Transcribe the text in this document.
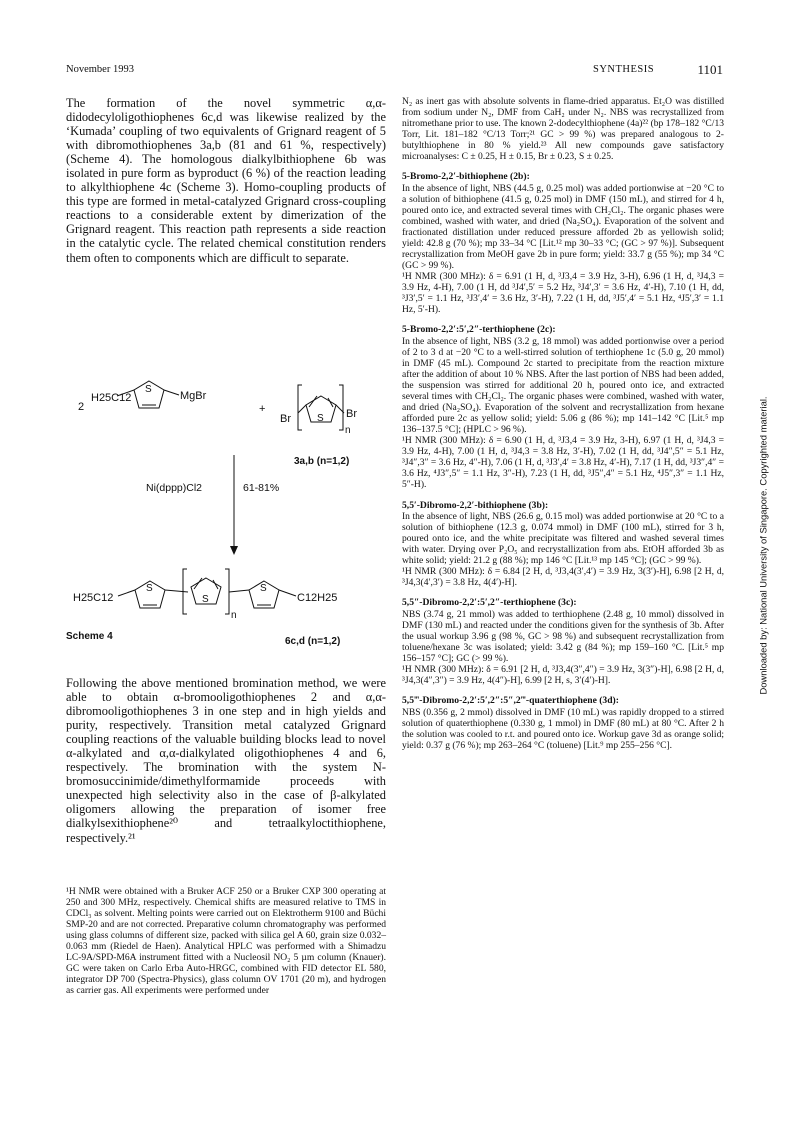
November 1993	SYNTHESIS	1101

The formation of the novel symmetric α,α-didodecyloligothiophenes 6c,d was likewise realized by the ‘Kumada’ coupling of two equivalents of Grignard reagent of 5 with dibromothiophenes 3a,b (81 and 61 %, respectively) (Scheme 4). The homologous dialkylbithiophene 6b was isolated in pure form as byproduct (6 %) of the reaction leading to alkylthiophene 4c (Scheme 3). Homo-coupling products of this type are formed in metal-catalyzed Grignard cross-coupling reactions to a considerable extent by dimerization of the Grignard reagent. This reaction path represents a side reaction in the catalytic cycle. The related chemical constitution renders them often to components which are difficult to separate.

2
H25C12
S
MgBr
+
Br	S Br
n
3a,b (n=1,2)
Ni(dppp)Cl2	61-81%
H25C12
S
S
n
S
C12H25
6c,d (n=1,2)
Scheme 4

Following the above mentioned bromination method, we were able to obtain α-bromooligothiophenes 2 and α,α-dibromooligothiophenes 3 in one step and in high yields and purity, respectively. Transition metal catalyzed Grignard coupling reactions of the valuable building blocks lead to novel α-alkylated and α,α-dialkylated oligothiophenes 4 and 6, respectively. The bromination with the system N-bromosuccinimide/dimethylformamide proceeds with unexpected high selectivity also in the case of β-alkylated oligomers allowing the preparation of isomer free dialkylsexithiophene²⁰ and tetraalkyloctithiophene, respectively.²¹

¹H NMR were obtained with a Bruker ACF 250 or a Bruker CXP 300 operating at 250 and 300 MHz, respectively. Chemical shifts are measured relative to TMS in CDCl₃ as solvent. Melting points were carried out on Elektrotherm 9100 and Büchi SMP-20 and are not corrected. Preparative column chromatography was performed using glass columns of different size, packed with silica gel A 60, grain size 0.032–0.063 mm (Riedel de Haen). Analytical HPLC was performed with a Shimadzu LC-9A/SPD-M6A instrument fitted with a Nucleosil NO₂ 5 µm column (Knauer). GC were taken on Carlo Erba Auto-HRGC, combined with FID detector EL 580, integrator DP 700 (Spectra-Physics), glass column OV 1701 (20 m), and hydrogen as carrier gas. All experiments were performed under

N₂ as inert gas with absolute solvents in flame-dried apparatus. Et₂O was distilled from sodium under N₂, DMF from CaH₂ under N₂. NBS was recrystallized from nitromethane prior to use. The known 2-dodecylthiophene (4a)²² (bp 178–182 °C/13 Torr, Lit. 181–182 °C/13 Torr;²¹ GC > 99 %) was prepared analogous to 2-butylthiophene in 80 % yield.²³ All new compounds gave satisfactory microanalyses: C ± 0.25, H ± 0.15, Br ± 0.23, S ± 0.25.

5-Bromo-2,2′-bithiophene (2b):

In the absence of light, NBS (44.5 g, 0.25 mol) was added portionwise at −20 °C to a solution of bithiophene (41.5 g, 0.25 mol) in DMF (150 mL), and stirred for 4 h, poured onto ice, and extracted several times with CH₂Cl₂. The organic phases were combined, washed with water, and dried (Na₂SO₄). Evaporation of the solvent and fractionated distillation under reduced pressure afforded 2b as yellowish solid; yield: 42.8 g (70 %); mp 33–34 °C [Lit.¹² mp 30–33 °C; (GC > 97 %)]. Subsequent recrystallization from MeOH gave 2b in pure form; yield: 33.7 g (55 %); mp 34 °C (GC > 99 %).

¹H NMR (300 MHz): δ = 6.91 (1 H, d, ³J3,4 = 3.9 Hz, 3-H), 6.96 (1 H, d, ³J4,3 = 3.9 Hz, 4-H), 7.00 (1 H, dd ³J4′,5′ = 5.2 Hz, ³J4′,3′ = 3.6 Hz, 4′-H), 7.10 (1 H, dd, ³J3′,5′ = 1.1 Hz, ³J3′,4′ = 3.6 Hz, 3′-H), 7.22 (1 H, dd, ³J5′,4′ = 5.1 Hz, ⁴J5′,3′ = 1.1 Hz, 5′-H).

5-Bromo-2,2′:5′,2″-terthiophene (2c):

In the absence of light, NBS (3.2 g, 18 mmol) was added portionwise over a period of 2 to 3 d at −20 °C to a well-stirred solution of terthiophene 1c (5.0 g, 20 mmol) in DMF (45 mL). Compound 2c started to precipitate from the reaction mixture after the addition of about 10 % NBS. After the last portion of NBS had been added, the suspension was stirred for additional 20 h, poured onto ice, and extracted several times with CH₂Cl₂. The organic phases were combined, washed with water, and dried (Na₂SO₄). Evaporation of the solvent and recrystallization from hexane afforded pure 2c as yellow solid; yield: 5.06 g (86 %); mp 141–142 °C [Lit.⁵ mp 136–137.5 °C]; (HPLC > 96 %).

¹H NMR (300 MHz): δ = 6.90 (1 H, d, ³J3,4 = 3.9 Hz, 3-H), 6.97 (1 H, d, ³J4,3 = 3.9 Hz, 4-H), 7.00 (1 H, d, ³J4,3 = 3.8 Hz, 3′-H), 7.02 (1 H, dd, ³J4″,5″ = 5.1 Hz, ³J4″,3″ = 3.6 Hz, 4″-H), 7.06 (1 H, d, ³J3′,4′ = 3.8 Hz, 4′-H), 7.17 (1 H, dd, ³J3″,4″ = 3.6 Hz, ⁴J3″,5″ = 1.1 Hz, 3″-H), 7.23 (1 H, dd, ³J5″,4″ = 5.1 Hz, ⁴J5″,3″ = 1.1 Hz, 5″-H).

5,5′-Dibromo-2,2′-bithiophene (3b):

In the absence of light, NBS (26.6 g, 0.15 mol) was added portionwise at 20 °C to a solution of bithiophene (12.3 g, 0.074 mmol) in DMF (100 mL), stirred for 3 h, poured onto ice, and the white precipitate was filtered and washed several times with water. Drying over P₂O₅ and recrystallization from abs. EtOH afforded 3b as white solid; yield: 21.2 g (88 %); mp 146 °C [Lit.¹³ mp 145 °C]; (GC > 99 %).

¹H NMR (300 MHz): δ = 6.84 [2 H, d, ³J3,4(3′,4′) = 3.9 Hz, 3(3′)-H], 6.98 [2 H, d, ³J4,3(4′,3′) = 3.8 Hz, 4(4′)-H].

5,5″-Dibromo-2,2′:5′,2″-terthiophene (3c):

NBS (3.74 g, 21 mmol) was added to terthiophene (2.48 g, 10 mmol) dissolved in DMF (130 mL) and reacted under the conditions given for the synthesis of 3b. After the usual workup 3.96 g (98 %, GC > 98 %) and subsequent recrystallization from toluene/hexane 3c was isolated; yield: 3.42 g (84 %); mp 159–160 °C. [Lit.⁵ mp 156–157 °C]; GC (> 99 %).

¹H NMR (300 MHz): δ = 6.91 [2 H, d, ³J3,4(3″,4″) = 3.9 Hz, 3(3″)-H], 6.98 [2 H, d, ³J4,3(4″,3″) = 3.9 Hz, 4(4″)-H], 6.99 [2 H, s, 3′(4′)-H].

5,5‴-Dibromo-2,2′:5′,2″:5″,2‴-quaterthiophene (3d):

NBS (0.356 g, 2 mmol) dissolved in DMF (10 mL) was rapidly dropped to a stirred solution of quaterthiophene (0.330 g, 1 mmol) in DMF (80 mL) at 80 °C. After 2 h the solution was cooled to r.t. and poured onto ice. Workup gave 3d as orange solid; yield: 0.37 g (76 %); mp 263–264 °C (toluene) [Lit.⁹ mp 255–256 °C].

Downloaded by: National University of Singapore. Copyrighted material.
